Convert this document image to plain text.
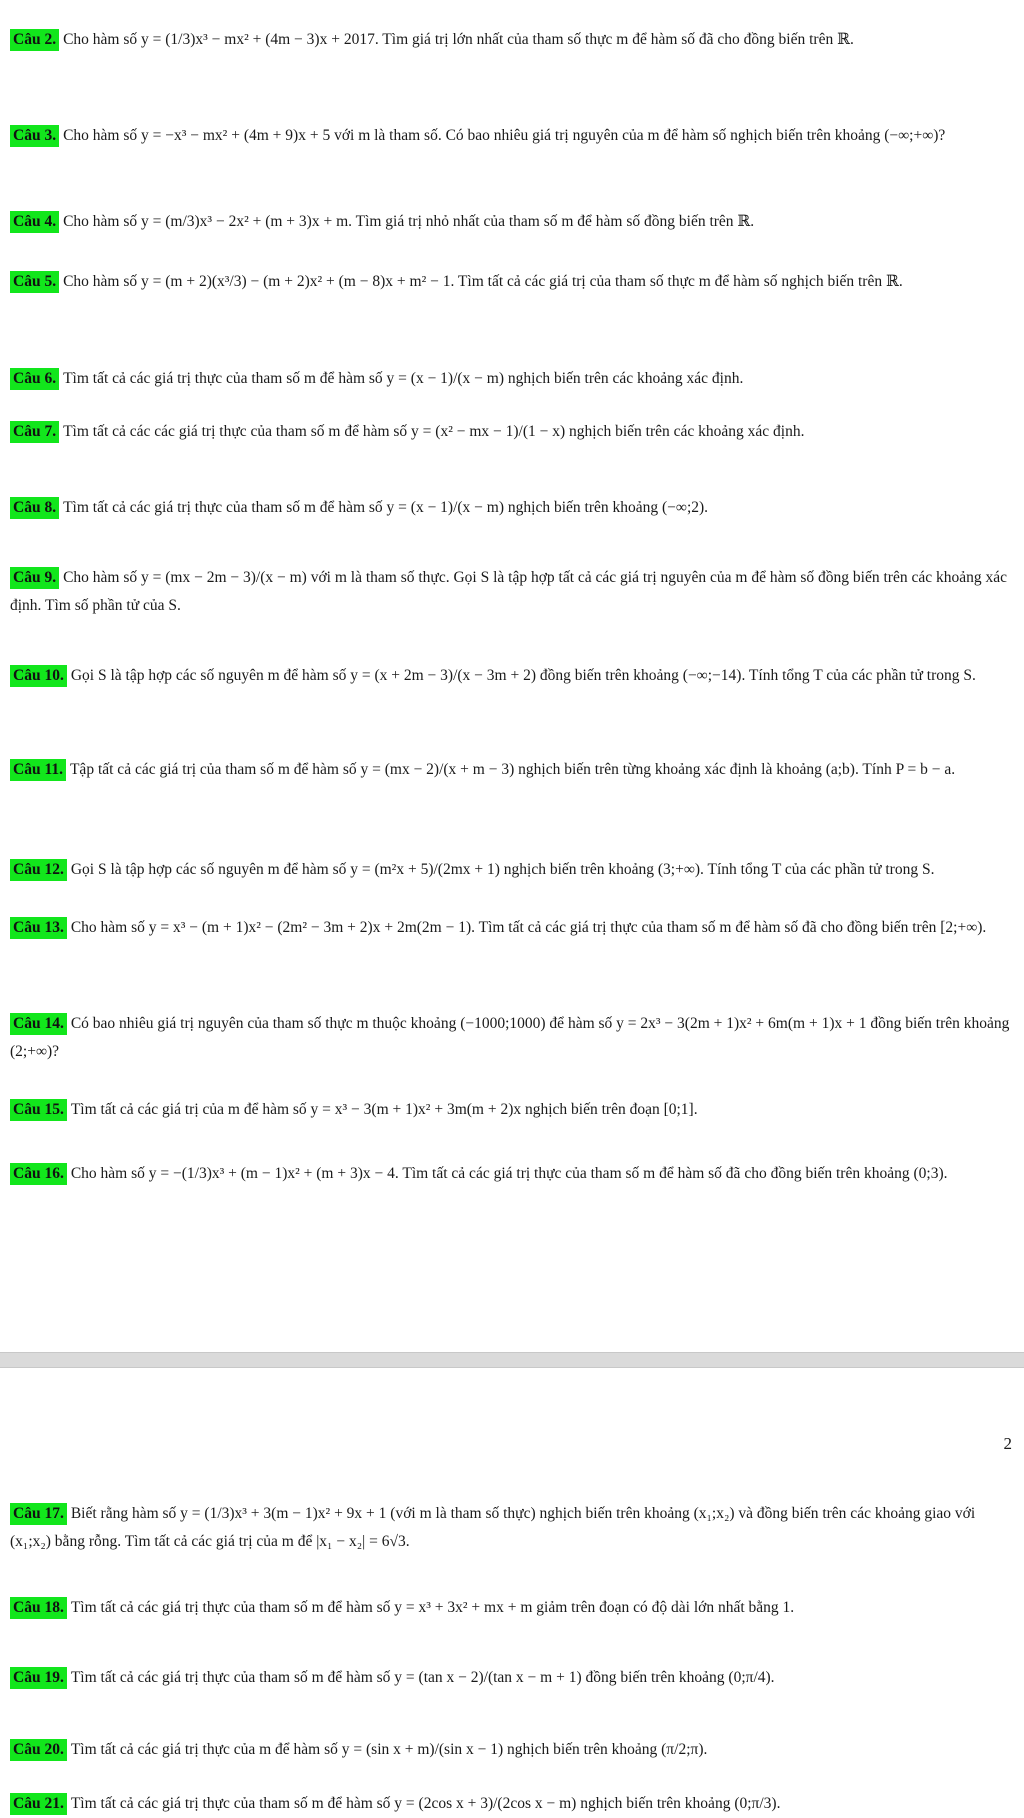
Câu 2. Cho hàm số y = (1/3)x³ − mx² + (4m − 3)x + 2017. Tìm giá trị lớn nhất của tham số thực m để hàm số đã cho đồng biến trên ℝ.
Câu 3. Cho hàm số y = −x³ − mx² + (4m + 9)x + 5 với m là tham số. Có bao nhiêu giá trị nguyên của m để hàm số nghịch biến trên khoảng (−∞;+∞)?
Câu 4. Cho hàm số y = (m/3)x³ − 2x² + (m + 3)x + m. Tìm giá trị nhỏ nhất của tham số m để hàm số đồng biến trên ℝ.
Câu 5. Cho hàm số y = (m + 2)(x³/3) − (m + 2)x² + (m − 8)x + m² − 1. Tìm tất cả các giá trị của tham số thực m để hàm số nghịch biến trên ℝ.
Câu 6. Tìm tất cả các giá trị thực của tham số m để hàm số y = (x − 1)/(x − m) nghịch biến trên các khoảng xác định.
Câu 7. Tìm tất cả các các giá trị thực của tham số m để hàm số y = (x² − mx − 1)/(1 − x) nghịch biến trên các khoảng xác định.
Câu 8. Tìm tất cả các giá trị thực của tham số m để hàm số y = (x − 1)/(x − m) nghịch biến trên khoảng (−∞;2).
Câu 9. Cho hàm số y = (mx − 2m − 3)/(x − m) với m là tham số thực. Gọi S là tập hợp tất cả các giá trị nguyên của m để hàm số đồng biến trên các khoảng xác định. Tìm số phần tử của S.
Câu 10. Gọi S là tập hợp các số nguyên m để hàm số y = (x + 2m − 3)/(x − 3m + 2) đồng biến trên khoảng (−∞;−14). Tính tổng T của các phần tử trong S.
Câu 11. Tập tất cả các giá trị của tham số m để hàm số y = (mx − 2)/(x + m − 3) nghịch biến trên từng khoảng xác định là khoảng (a;b). Tính P = b − a.
Câu 12. Gọi S là tập hợp các số nguyên m để hàm số y = (m²x + 5)/(2mx + 1) nghịch biến trên khoảng (3;+∞). Tính tổng T của các phần tử trong S.
Câu 13. Cho hàm số y = x³ − (m + 1)x² − (2m² − 3m + 2)x + 2m(2m − 1). Tìm tất cả các giá trị thực của tham số m để hàm số đã cho đồng biến trên [2;+∞).
Câu 14. Có bao nhiêu giá trị nguyên của tham số thực m thuộc khoảng (−1000;1000) để hàm số y = 2x³ − 3(2m + 1)x² + 6m(m + 1)x + 1 đồng biến trên khoảng (2;+∞)?
Câu 15. Tìm tất cả các giá trị của m để hàm số y = x³ − 3(m + 1)x² + 3m(m + 2)x nghịch biến trên đoạn [0;1].
Câu 16. Cho hàm số y = −(1/3)x³ + (m − 1)x² + (m + 3)x − 4. Tìm tất cả các giá trị thực của tham số m để hàm số đã cho đồng biến trên khoảng (0;3).
Câu 17. Biết rằng hàm số y = (1/3)x³ + 3(m − 1)x² + 9x + 1 (với m là tham số thực) nghịch biến trên khoảng (x₁;x₂) và đồng biến trên các khoảng giao với (x₁;x₂) bằng rỗng. Tìm tất cả các giá trị của m để |x₁ − x₂| = 6√3.
Câu 18. Tìm tất cả các giá trị thực của tham số m để hàm số y = x³ + 3x² + mx + m giảm trên đoạn có độ dài lớn nhất bằng 1.
Câu 19. Tìm tất cả các giá trị thực của tham số m để hàm số y = (tan x − 2)/(tan x − m + 1) đồng biến trên khoảng (0;π/4).
Câu 20. Tìm tất cả các giá trị thực của m để hàm số y = (sin x + m)/(sin x − 1) nghịch biến trên khoảng (π/2;π).
Câu 21. Tìm tất cả các giá trị thực của tham số m để hàm số y = (2cos x + 3)/(2cos x − m) nghịch biến trên khoảng (0;π/3).
2
